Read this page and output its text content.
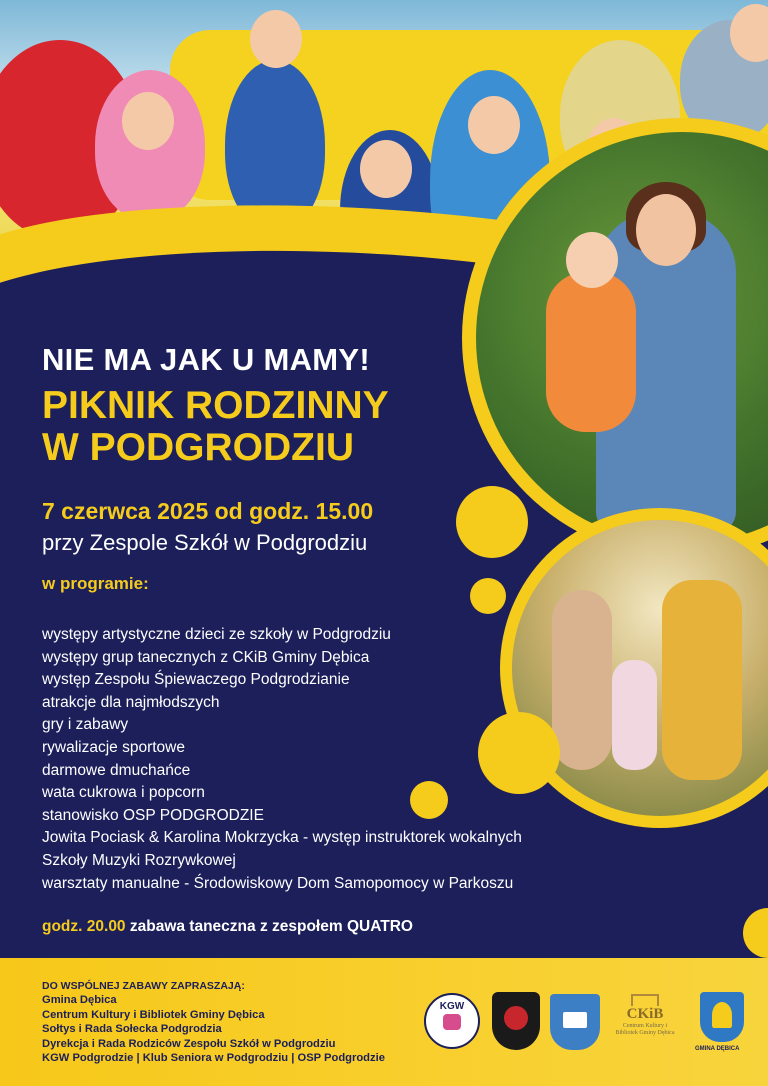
NIE MA JAK U MAMY!
PIKNIK RODZINNY
W PODGRODZIU
7 czerwca 2025 od godz. 15.00
przy Zespole Szkół w Podgrodziu
w programie:
występy artystyczne dzieci ze szkoły w Podgrodziu
występy grup tanecznych z CKiB Gminy Dębica
występ Zespołu Śpiewaczego Podgrodzianie
atrakcje dla najmłodszych
gry i zabawy
rywalizacje sportowe
darmowe dmuchańce
wata cukrowa i popcorn
stanowisko OSP PODGRODZIE
Jowita Pociask & Karolina Mokrzycka - występ instruktorek wokalnych
Szkoły Muzyki Rozrywkowej
warsztaty manualne - Środowiskowy Dom Samopomocy w Parkoszu
godz. 20.00 zabawa taneczna z zespołem QUATRO
DO WSPÓLNEJ ZABAWY ZAPRASZAJĄ:
Gmina Dębica
Centrum Kultury i Bibliotek Gminy Dębica
Sołtys i Rada Sołecka Podgrodzia
Dyrekcja i Rada Rodziców Zespołu Szkół w Podgrodziu
KGW Podgrodzie | Klub Seniora w Podgrodziu | OSP Podgrodzie
KGW	CKiB
Centrum Kultury i Bibliotek Gminy Dębica
GMINA DĘBICA
